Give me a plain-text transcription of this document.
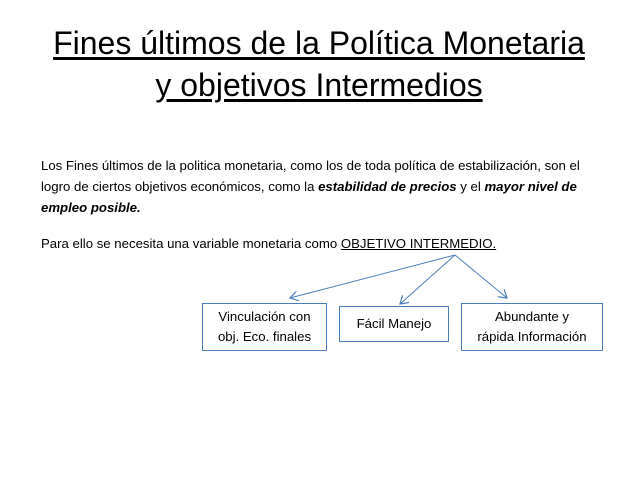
Fines últimos de la Política Monetaria
y objetivos Intermedios
Los Fines últimos de la politica monetaria, como los de toda política de estabilización, son el logro de ciertos objetivos económicos, como la estabilidad de precios y el mayor nivel de empleo posible.
Para ello se necesita una variable monetaria como OBJETIVO INTERMEDIO.
Vinculación con
obj. Eco. finales
Fácil Manejo	Abundante y
rápida Información
